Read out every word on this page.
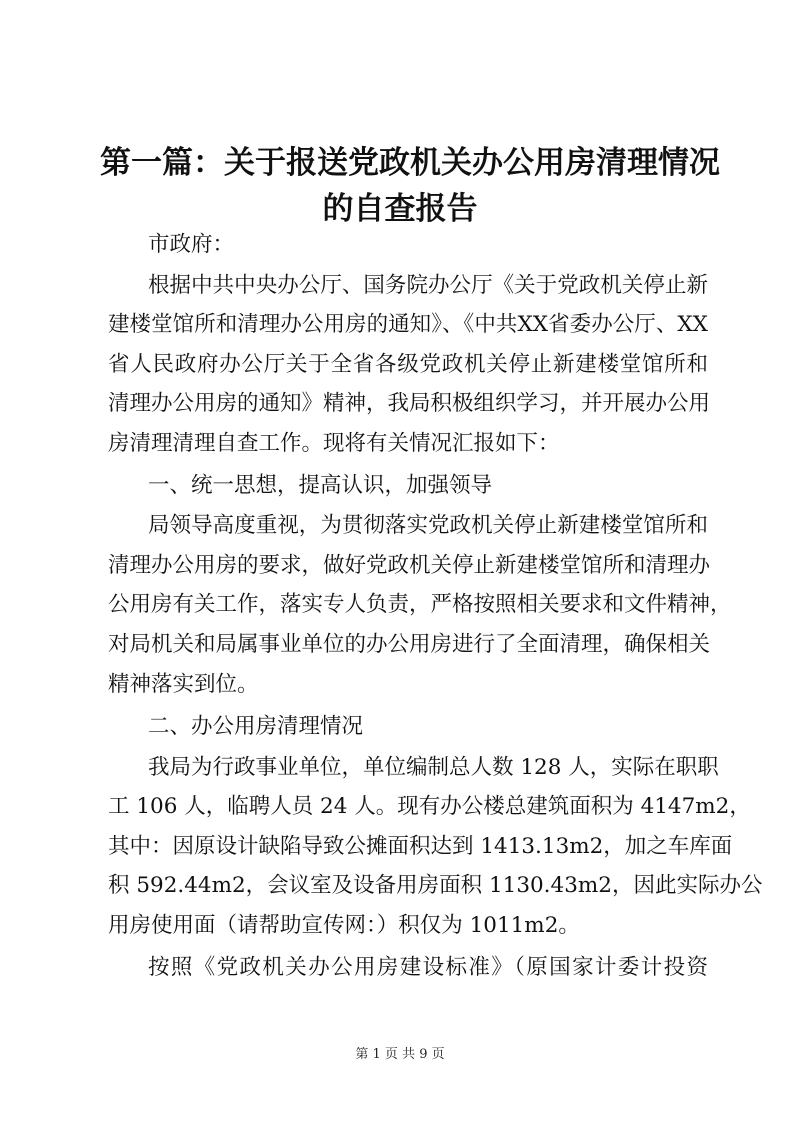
第一篇：关于报送党政机关办公用房清理情况
的自查报告

市政府：

根据中共中央办公厅、国务院办公厅《关于党政机关停止新

建楼堂馆所和清理办公用房的通知》、《中共XX省委办公厅、XX

省人民政府办公厅关于全省各级党政机关停止新建楼堂馆所和

清理办公用房的通知》精神，我局积极组织学习，并开展办公用

房清理清理自查工作。现将有关情况汇报如下：

一、统一思想，提高认识，加强领导

局领导高度重视，为贯彻落实党政机关停止新建楼堂馆所和

清理办公用房的要求，做好党政机关停止新建楼堂馆所和清理办

公用房有关工作，落实专人负责，严格按照相关要求和文件精神，

对局机关和局属事业单位的办公用房进行了全面清理，确保相关

精神落实到位。

二、办公用房清理情况

我局为行政事业单位，单位编制总人数 128 人，实际在职职

工 106 人，临聘人员 24 人。现有办公楼总建筑面积为 4147m2，

其中：因原设计缺陷导致公摊面积达到 1413.13m2，加之车库面

积 592.44m2，会议室及设备用房面积 1130.43m2，因此实际办公

用房使用面（请帮助宣传网：）积仅为 1011m2。

按照《党政机关办公用房建设标准》（原国家计委计投资

第 1 页 共 9 页
